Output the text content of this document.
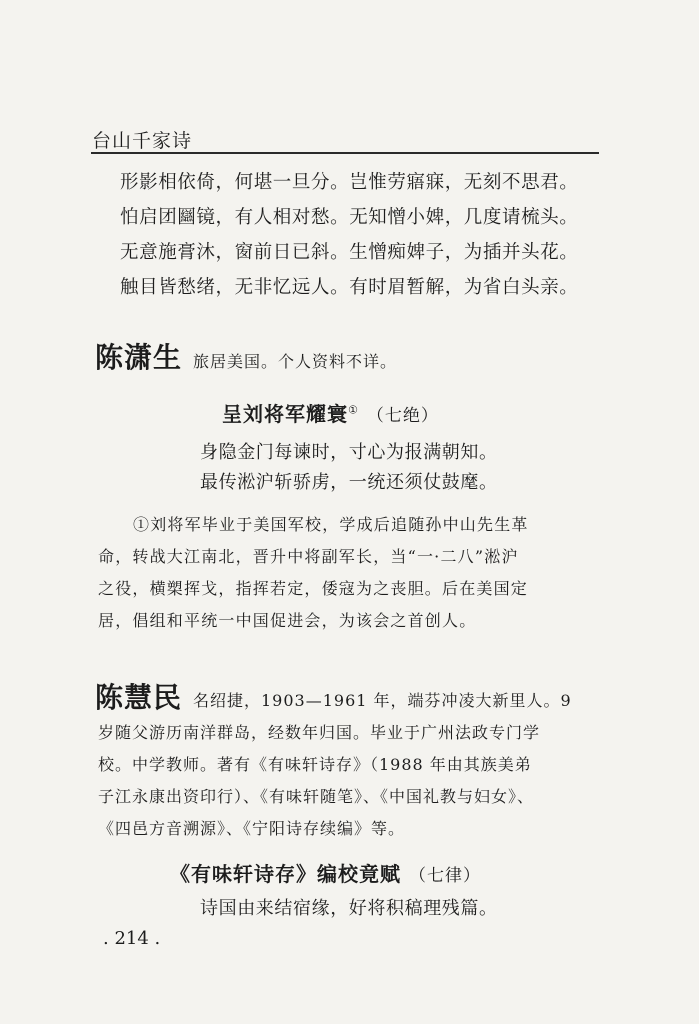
台山千家诗
形影相依倚，何堪一旦分。岂惟劳寤寐，无刻不思君。
怕启团圝镜，有人相对愁。无知憎小婢，几度请梳头。
无意施膏沐，窗前日已斜。生憎痴婢子，为插并头花。
触目皆愁绪，无非忆远人。有时眉暂解，为省白头亲。
陈潇生 旅居美国。个人资料不详。
呈刘将军耀寰① （七绝）
身隐金门每谏时，寸心为报满朝知。
最传淞沪斩骄虏，一统还须仗鼓麾。
①刘将军毕业于美国军校，学成后追随孙中山先生革
命，转战大江南北，晋升中将副军长，当“一·二八”淞沪
之役，横槊挥戈，指挥若定，倭寇为之丧胆。后在美国定
居，倡组和平统一中国促进会，为该会之首创人。
陈慧民 名绍捷，1903—1961 年，端芬冲凌大新里人。9
岁随父游历南洋群岛，经数年归国。毕业于广州法政专门学
校。中学教师。著有《有味轩诗存》（1988 年由其族美弟
子江永康出资印行）、《有味轩随笔》、《中国礼教与妇女》、
《四邑方音溯源》、《宁阳诗存续编》等。
《有味轩诗存》编校竟赋 （七律）
诗国由来结宿缘，好将积稿理残篇。
. 214 .
